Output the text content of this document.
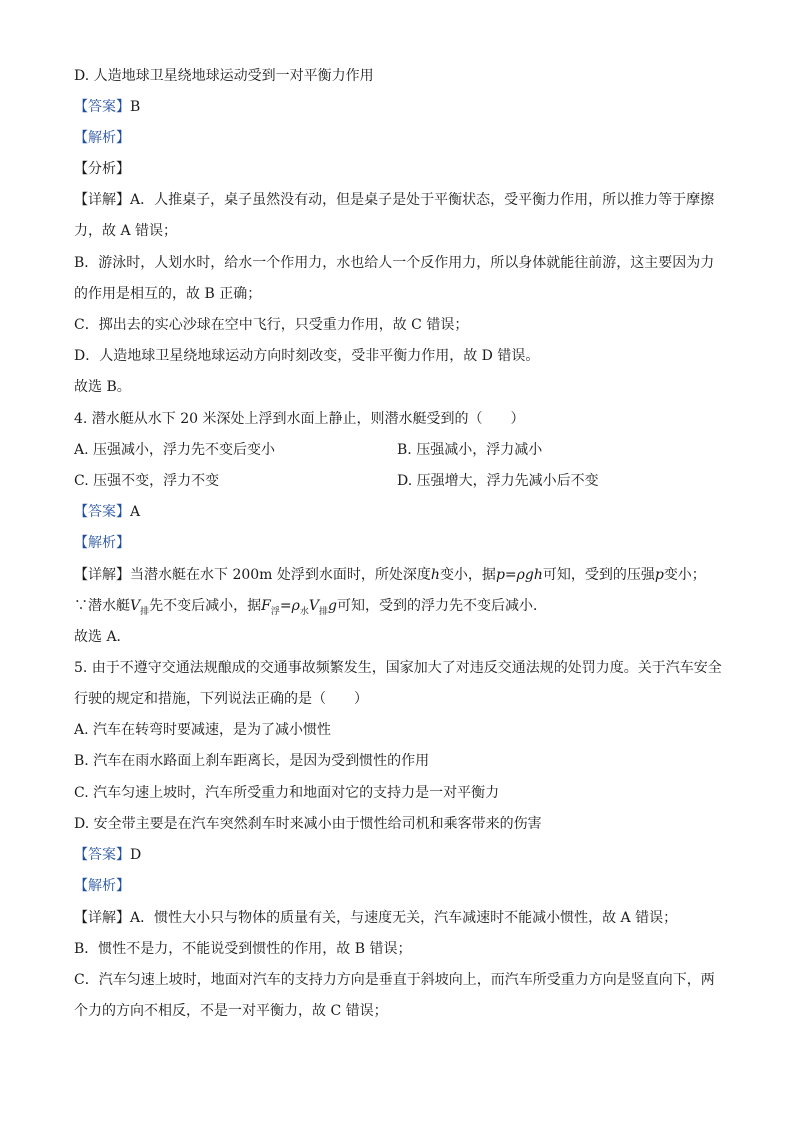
D. 人造地球卫星绕地球运动受到一对平衡力作用
【答案】B
【解析】
【分析】
【详解】A．人推桌子，桌子虽然没有动，但是桌子是处于平衡状态，受平衡力作用，所以推力等于摩擦
力，故 A 错误；
B．游泳时，人划水时，给水一个作用力，水也给人一个反作用力，所以身体就能往前游，这主要因为力
的作用是相互的，故 B 正确；
C．掷出去的实心沙球在空中飞行，只受重力作用，故 C 错误；
D．人造地球卫星绕地球运动方向时刻改变，受非平衡力作用，故 D 错误。
故选 B。
4. 潜水艇从水下 20 米深处上浮到水面上静止，则潜水艇受到的（　　）
A. 压强减小，浮力先不变后变小	B. 压强减小，浮力减小
C. 压强不变，浮力不变	D. 压强增大，浮力先减小后不变
【答案】A
【解析】
【详解】当潜水艇在水下 200m 处浮到水面时，所处深度h变小，据p=ρgh可知，受到的压强p变小；
∵潜水艇$V_排$先不变后减小，据$F_浮=\rho_水V_排g$可知，受到的浮力先不变后减小．
故选 A．
5. 由于不遵守交通法规酿成的交通事故频繁发生，国家加大了对违反交通法规的处罚力度。关于汽车安全
行驶的规定和措施，下列说法正确的是（　　）
A. 汽车在转弯时要减速，是为了减小惯性
B. 汽车在雨水路面上刹车距离长，是因为受到惯性的作用
C. 汽车匀速上坡时，汽车所受重力和地面对它的支持力是一对平衡力
D. 安全带主要是在汽车突然刹车时来减小由于惯性给司机和乘客带来的伤害
【答案】D
【解析】
【详解】A．惯性大小只与物体的质量有关，与速度无关，汽车减速时不能减小惯性，故 A 错误；
B．惯性不是力，不能说受到惯性的作用，故 B 错误；
C．汽车匀速上坡时，地面对汽车的支持力方向是垂直于斜坡向上，而汽车所受重力方向是竖直向下，两
个力的方向不相反，不是一对平衡力，故 C 错误；
